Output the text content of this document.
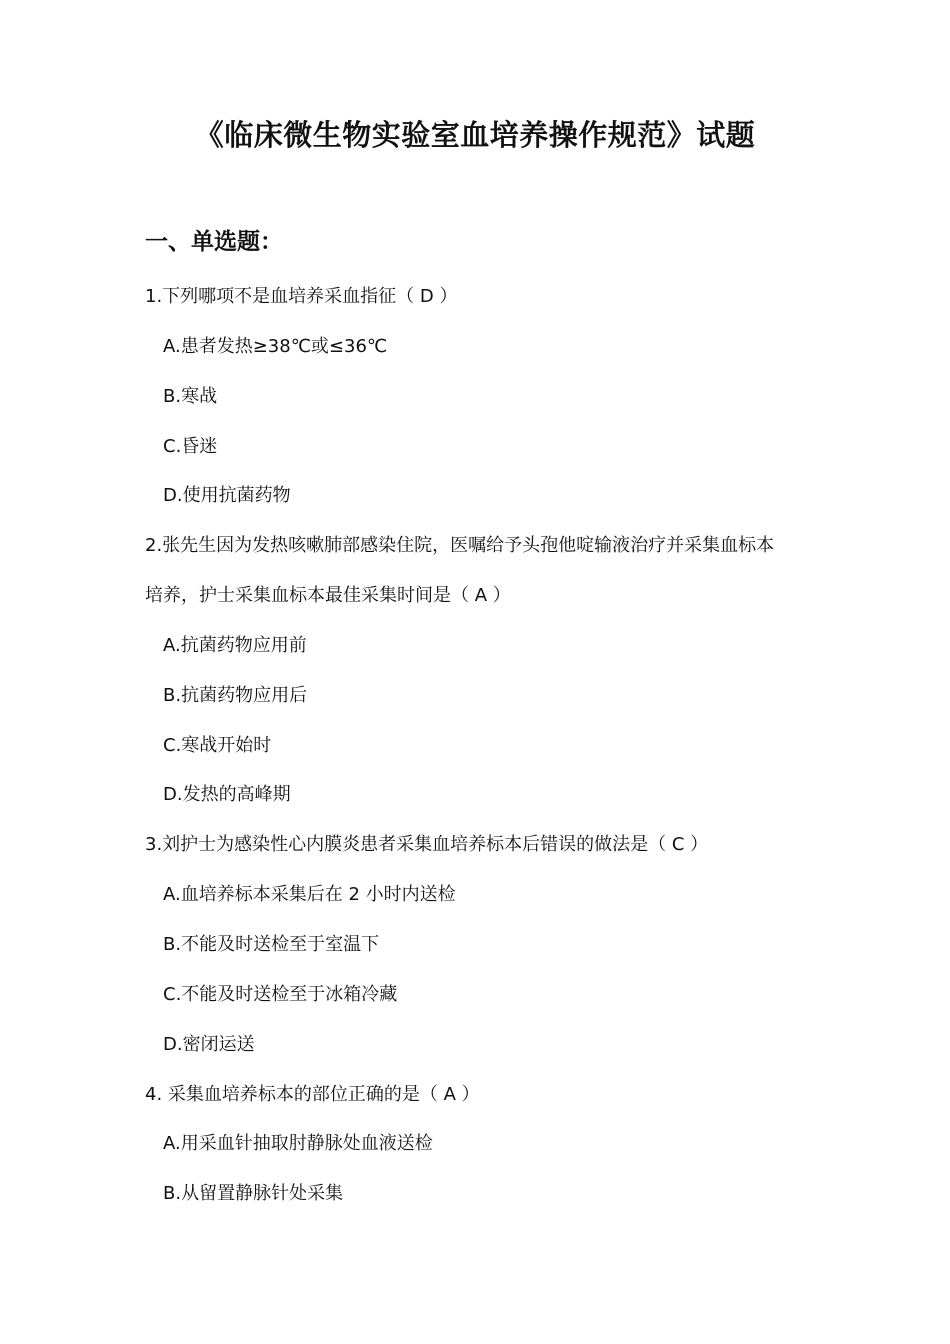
《临床微生物实验室血培养操作规范》试题
一、单选题：
1.下列哪项不是血培养采血指征（ D ）
A.患者发热≥38℃或≤36℃
B.寒战
C.昏迷
D.使用抗菌药物
2.张先生因为发热咳嗽肺部感染住院，医嘱给予头孢他啶输液治疗并采集血标本
培养，护士采集血标本最佳采集时间是（ A ）
A.抗菌药物应用前
B.抗菌药物应用后
C.寒战开始时
D.发热的高峰期
3.刘护士为感染性心内膜炎患者采集血培养标本后错误的做法是（ C ）
A.血培养标本采集后在 2 小时内送检
B.不能及时送检至于室温下
C.不能及时送检至于冰箱冷藏
D.密闭运送
4. 采集血培养标本的部位正确的是（ A ）
A.用采血针抽取肘静脉处血液送检
B.从留置静脉针处采集
